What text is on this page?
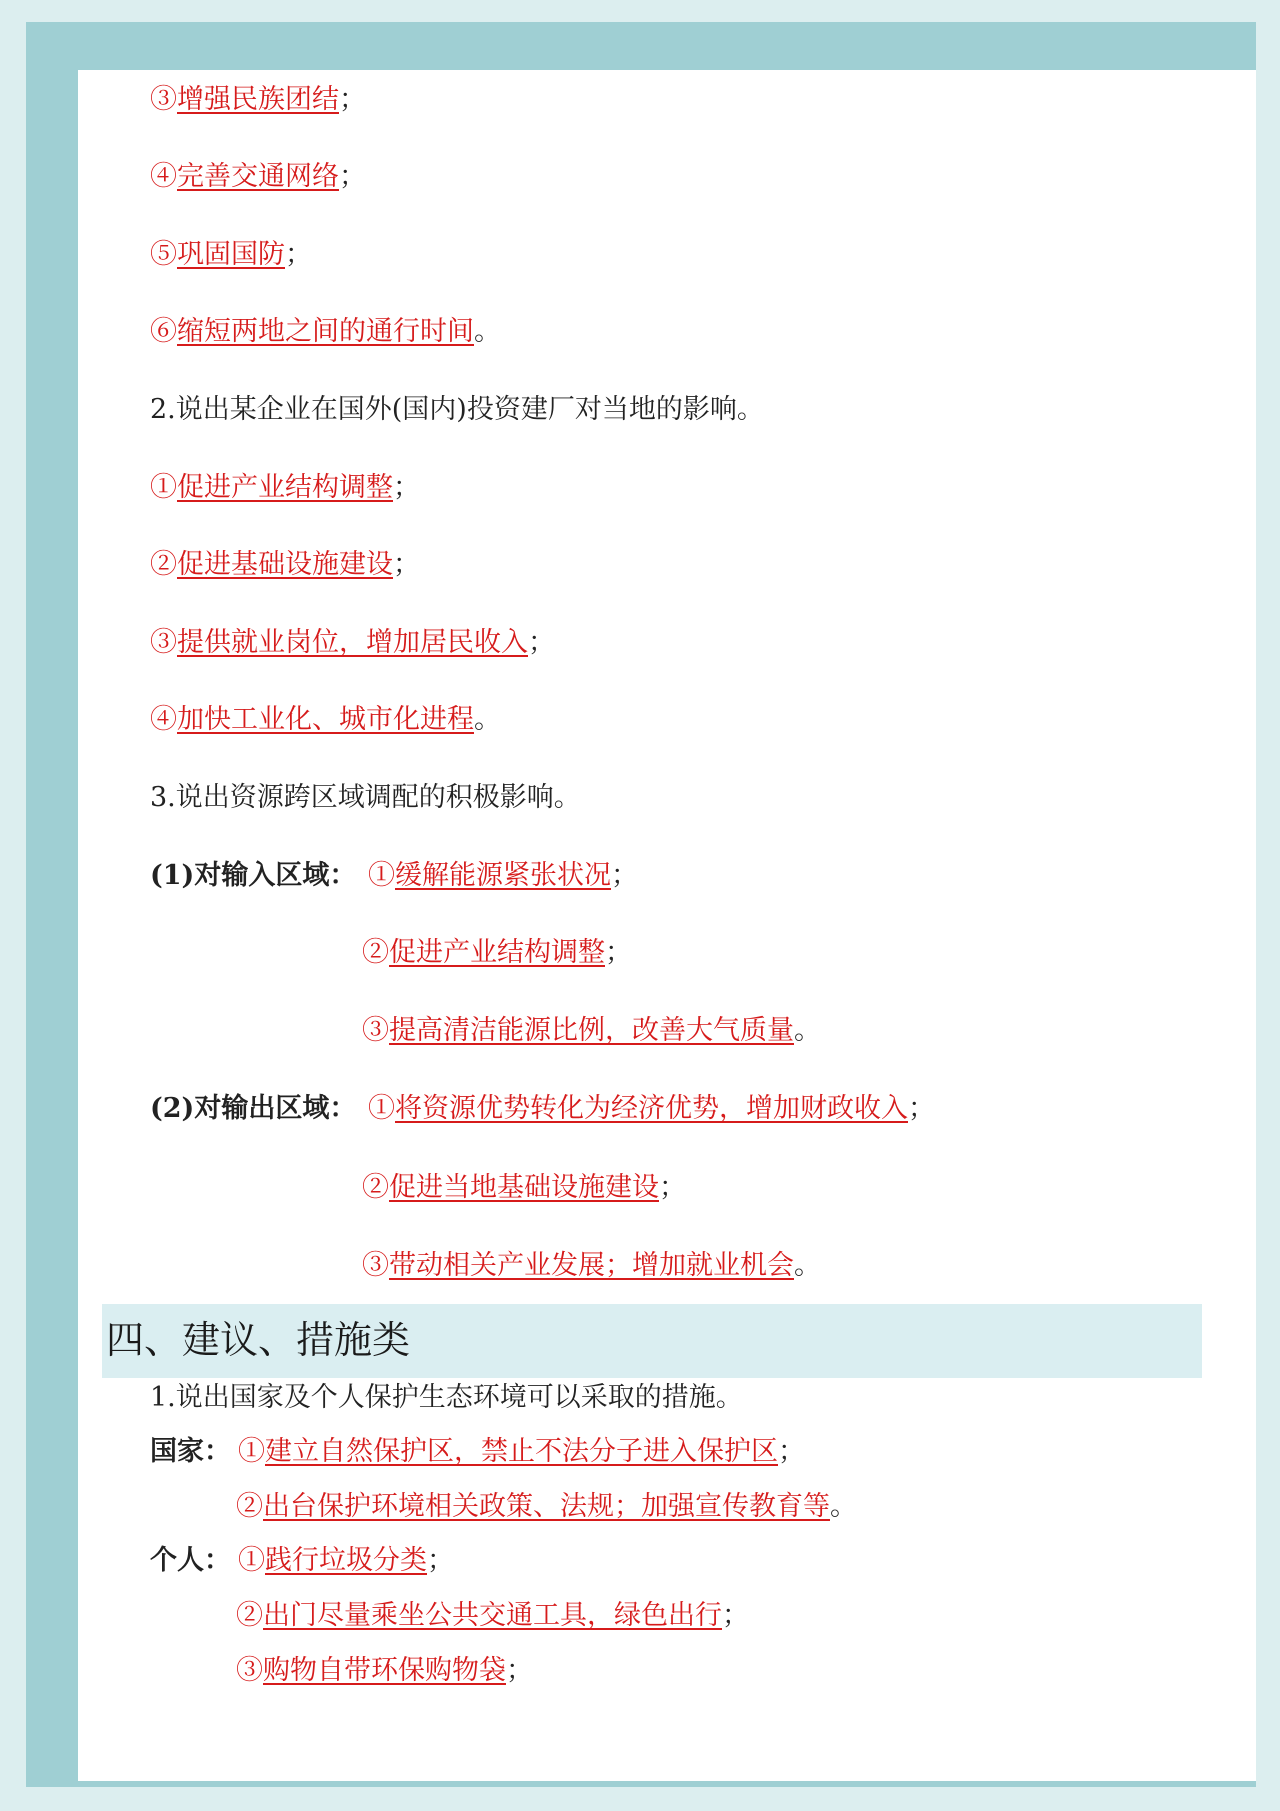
③增强民族团结；
④完善交通网络；
⑤巩固国防；
⑥缩短两地之间的通行时间。
2.说出某企业在国外(国内)投资建厂对当地的影响。
①促进产业结构调整；
②促进基础设施建设；
③提供就业岗位，增加居民收入；
④加快工业化、城市化进程。
3.说出资源跨区域调配的积极影响。
(1)对输入区域： ①缓解能源紧张状况；
②促进产业结构调整；
③提高清洁能源比例，改善大气质量。
(2)对输出区域： ①将资源优势转化为经济优势，增加财政收入；
②促进当地基础设施建设；
③带动相关产业发展；增加就业机会。
四、建议、措施类
1.说出国家及个人保护生态环境可以采取的措施。
国家： ①建立自然保护区，禁止不法分子进入保护区；
②出台保护环境相关政策、法规；加强宣传教育等。
个人： ①践行垃圾分类；
②出门尽量乘坐公共交通工具，绿色出行；
③购物自带环保购物袋；
